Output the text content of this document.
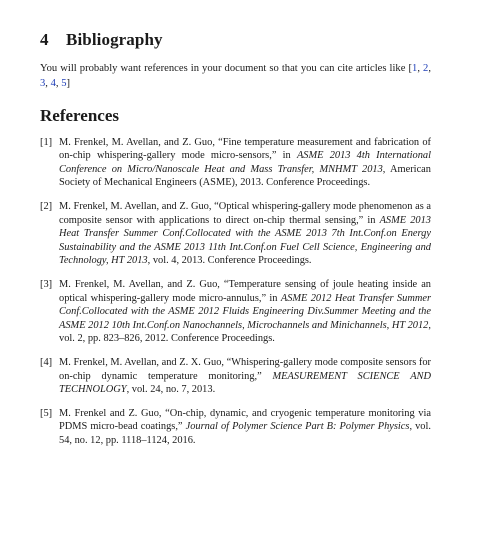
4 Bibliography

You will probably want references in your document so that you can cite articles like [1, 2, 3, 4, 5]

References
[1] M. Frenkel, M. Avellan, and Z. Guo, “Fine temperature measurement and fabrication of on-chip whispering-gallery mode micro-sensors,” in ASME 2013 4th International Conference on Micro/Nanoscale Heat and Mass Transfer, MNHMT 2013, American Society of Mechanical Engineers (ASME), 2013. Conference Proceedings.
[2] M. Frenkel, M. Avellan, and Z. Guo, “Optical whispering-gallery mode phenomenon as a composite sensor with applications to direct on-chip thermal sensing,” in ASME 2013 Heat Transfer Summer Conf.Collocated with the ASME 2013 7th Int.Conf.on Energy Sustainability and the ASME 2013 11th Int.Conf.on Fuel Cell Science, Engineering and Technology, HT 2013, vol. 4, 2013. Conference Proceedings.
[3] M. Frenkel, M. Avellan, and Z. Guo, “Temperature sensing of joule heating inside an optical whispering-gallery mode micro-annulus,” in ASME 2012 Heat Transfer Summer Conf.Collocated with the ASME 2012 Fluids Engineering Div.Summer Meeting and the ASME 2012 10th Int.Conf.on Nanochannels, Microchannels and Minichannels, HT 2012, vol. 2, pp. 823–826, 2012. Conference Proceedings.
[4] M. Frenkel, M. Avellan, and Z. X. Guo, “Whispering-gallery mode composite sensors for on-chip dynamic temperature monitoring,” MEASUREMENT SCIENCE AND TECHNOLOGY, vol. 24, no. 7, 2013.
[5] M. Frenkel and Z. Guo, “On-chip, dynamic, and cryogenic temperature monitoring via PDMS micro-bead coatings,” Journal of Polymer Science Part B: Polymer Physics, vol. 54, no. 12, pp. 1118–1124, 2016.
